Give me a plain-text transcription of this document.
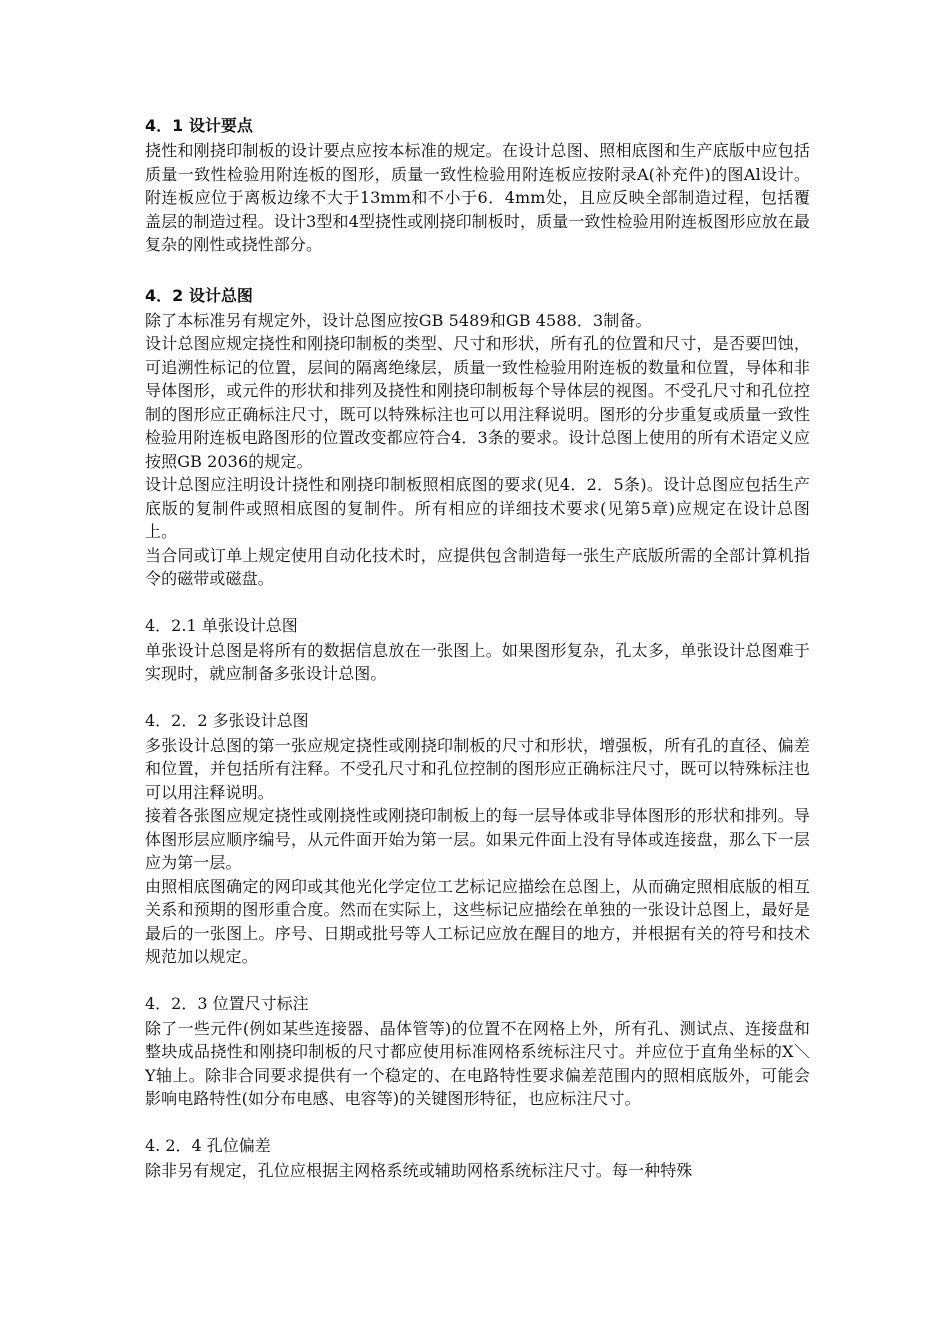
4．1 设计要点

挠性和刚挠印制板的设计要点应按本标准的规定。在设计总图、照相底图和生产底版中应包括质量一致性检验用附连板的图形，质量一致性检验用附连板应按附录A(补充件)的图Al设计。附连板应位于离板边缘不大于13mm和不小于6．4mm处，且应反映全部制造过程，包括覆盖层的制造过程。设计3型和4型挠性或刚挠印制板时，质量一致性检验用附连板图形应放在最复杂的刚性或挠性部分。

4．2 设计总图

除了本标准另有规定外，设计总图应按GB 5489和GB 4588．3制备。

设计总图应规定挠性和刚挠印制板的类型、尺寸和形状，所有孔的位置和尺寸，是否要凹蚀，可追溯性标记的位置，层间的隔离绝缘层，质量一致性检验用附连板的数量和位置，导体和非导体图形，或元件的形状和排列及挠性和刚挠印制板每个导体层的视图。不受孔尺寸和孔位控制的图形应正确标注尺寸，既可以特殊标注也可以用注释说明。图形的分步重复或质量一致性检验用附连板电路图形的位置改变都应符合4．3条的要求。设计总图上使用的所有术语定义应按照GB 2036的规定。

设计总图应注明设计挠性和刚挠印制板照相底图的要求(见4．2．5条)。设计总图应包括生产底版的复制件或照相底图的复制件。所有相应的详细技术要求(见第5章)应规定在设计总图上。

当合同或订单上规定使用自动化技术时，应提供包含制造每一张生产底版所需的全部计算机指令的磁带或磁盘。

4．2.1 单张设计总图

单张设计总图是将所有的数据信息放在一张图上。如果图形复杂，孔太多，单张设计总图难于实现时，就应制备多张设计总图。

4．2．2 多张设计总图

多张设计总图的第一张应规定挠性或刚挠印制板的尺寸和形状，增强板，所有孔的直径、偏差和位置，并包括所有注释。不受孔尺寸和孔位控制的图形应正确标注尺寸，既可以特殊标注也可以用注释说明。

接着各张图应规定挠性或刚挠性或刚挠印制板上的每一层导体或非导体图形的形状和排列。导体图形层应顺序编号，从元件面开始为第一层。如果元件面上没有导体或连接盘，那么下一层应为第一层。

由照相底图确定的网印或其他光化学定位工艺标记应描绘在总图上，从而确定照相底版的相互关系和预期的图形重合度。然而在实际上，这些标记应描绘在单独的一张设计总图上，最好是最后的一张图上。序号、日期或批号等人工标记应放在醒目的地方，并根据有关的符号和技术规范加以规定。

4．2．3 位置尺寸标注

除了一些元件(例如某些连接器、晶体管等)的位置不在网格上外，所有孔、测试点、连接盘和整块成品挠性和刚挠印制板的尺寸都应使用标准网格系统标注尺寸。并应位于直角坐标的X＼Y轴上。除非合同要求提供有一个稳定的、在电路特性要求偏差范围内的照相底版外，可能会影响电路特性(如分布电感、电容等)的关键图形特征，也应标注尺寸。

4. 2．4 孔位偏差

除非另有规定，孔位应根据主网格系统或辅助网格系统标注尺寸。每一种特殊
